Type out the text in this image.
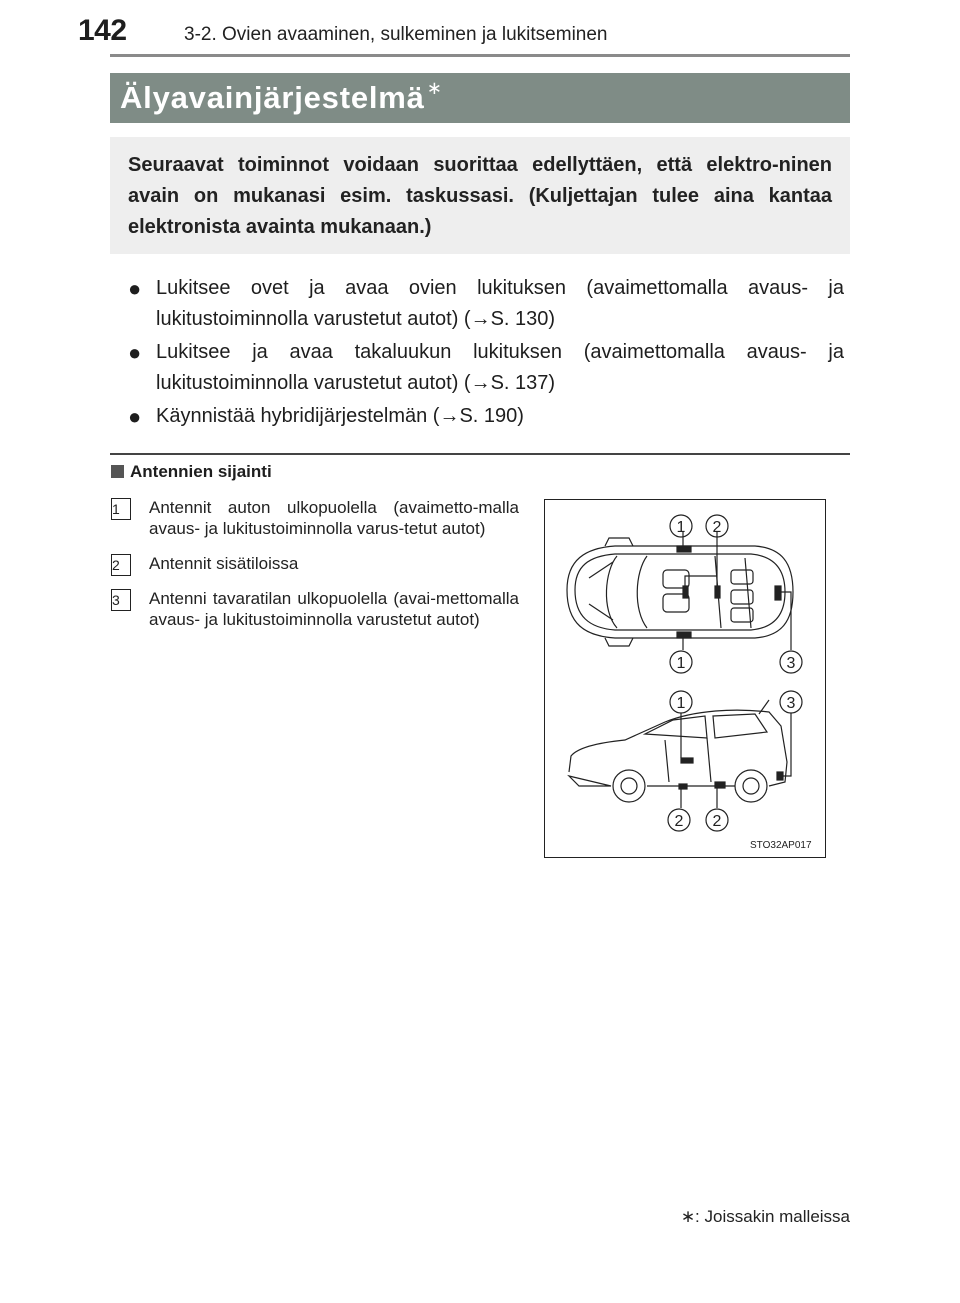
142	3-2. Ovien avaaminen, sulkeminen ja lukitseminen
Älyavainjärjestelmä ∗
Seuraavat toiminnot voidaan suorittaa edellyttäen, että elektro-ninen avain on mukanasi esim. taskussasi. (Kuljettajan tulee aina kantaa elektronista avainta mukanaan.)
● Lukitsee ovet ja avaa ovien lukituksen (avaimettomalla avaus- ja lukitustoiminnolla varustetut autot) (→S. 130)
● Lukitsee ja avaa takaluukun lukituksen (avaimettomalla avaus- ja lukitustoiminnolla varustetut autot) (→S. 137)
● Käynnistää hybridijärjestelmän (→S. 190)
Antennien sijainti
1	Antennit auton ulkopuolella (avaimetto-malla avaus- ja lukitustoiminnolla varus-tetut autot)
2	Antennit sisätiloissa
3	Antenni tavaratilan ulkopuolella (avai-mettomalla avaus- ja lukitustoiminnolla varustetut autot)
1 2
1	3
1	3
2 2
STO32AP017
∗: Joissakin malleissa
